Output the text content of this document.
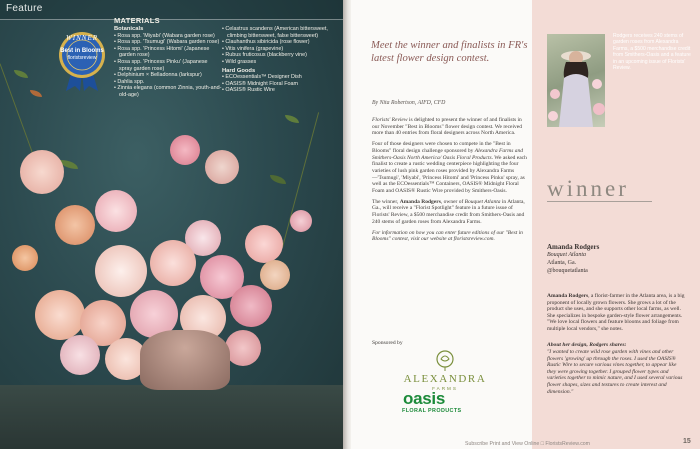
Feature
WINNER
Best in Blooms
floristsreview
MATERIALS
Botanicals
• Rosa spp. 'Miyabi' (Wabara garden rose)
• Rosa spp. 'Tsumugi' (Wabara garden rose)
• Rosa spp. 'Princess Hitomi' (Japanese garden rose)
• Rosa spp. 'Princess Pinku' (Japanese spray garden rose)
• Delphinium × Belladonna (larkspur)
• Dahlia spp.
• Zinnia elegans (common Zinnia, youth-and-old-age)
• Celastrus scandens (American bittersweet, climbing bittersweet, false bittersweet)
• Clauhanthus sibiricida (rose flower)
• Vitis vinifera (grapevine)
• Rubus fruticosus (blackberry vine)
• Wild grasses
Hard Goods
• ECOessentials™ Designer Dish
• OASIS® Midnight Floral Foam
• OASIS® Rustic Wire
Meet the winner and finalists in FR's latest flower design contest.
By Nita Robertson, AIFD, CFD

Florists' Review is delighted to present the winner of and finalists in our November "Best in Blooms" flower design contest. We received more than 40 entries from floral designers across North America.

Four of those designers were chosen to compete in the "Best in Blooms" floral design challenge sponsored by Alexandra Farms and Smithers-Oasis North America/ Oasis Floral Products. We asked each finalist to create a rustic wedding centerpiece highlighting the four varieties of lush pink garden roses provided by Alexandra Farms—'Tsumugi', 'Miyabi', 'Princess Hitomi' and 'Princess Pinku' spray, as well as the ECOessentials™ Containers, OASIS® Midnight Floral Foam and OASIS® Rustic Wire provided by Smithers-Oasis.

The winner, Amanda Rodgers, owner of Bouquet Atlanta in Atlanta, Ga., will receive a "Florist Spotlight" feature in a future issue of Florists' Review, a $500 merchandise credit from Smithers-Oasis and 240 stems of garden roses from Alexandra Farms.

For information on how you can enter future editions of our "Best in Blooms" contest, visit our website at floristsreview.com.

Sponsored by
ALEXANDRA
FARMS
oasis
FLORAL PRODUCTS
Rodgers receives 240 stems of garden roses from Alexandra Farms, a $500 merchandise credit from Smithers-Oasis and a feature in an upcoming issue of Florists' Review.
winner
Amanda Rodgers
Bouquet Atlanta
Atlanta, Ga.
@bouquetatlanta
Amanda Rodgers, a florist-farmer in the Atlanta area, is a big proponent of locally grown flowers. She grows a lot of the product she uses, and she supports other local farms, as well. She specializes in bespoke garden-style flower arrangements. "We love local flowers and feature blooms and foliage from multiple local vendors," she notes.
About her design, Rodgers shares:
"I wanted to create wild rose garden with vines and other flowers 'growing' up through the roses. I used the OASIS® Rustic Wire to secure various vines together, to appear like they were growing together. I grouped flower types and varieties together to mimic nature, and I used several various flower shapes, sizes and textures to create interest and dimension."
Subscribe Print and View Online □ FloristsReview.com	15
